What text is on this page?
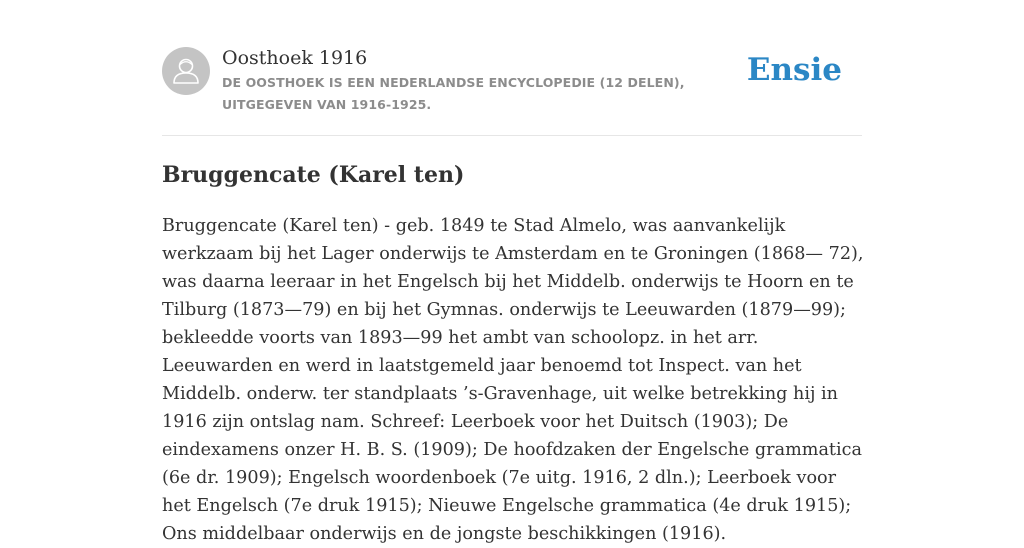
Oosthoek 1916
DE OOSTHOEK IS EEN NEDERLANDSE ENCYCLOPEDIE (12 DELEN), UITGEGEVEN VAN 1916-1925.
Ensie
Bruggencate (Karel ten)

Bruggencate (Karel ten) - geb. 1849 te Stad Almelo, was aanvankelijk werkzaam bij het Lager onderwijs te Amsterdam en te Groningen (1868— 72), was daarna leeraar in het Engelsch bij het Middelb. onderwijs te Hoorn en te Tilburg (1873—79) en bij het Gymnas. onderwijs te Leeuwarden (1879—99); bekleedde voorts van 1893—99 het ambt van schoolopz. in het arr. Leeuwarden en werd in laatstgemeld jaar benoemd tot Inspect. van het Middelb. onderw. ter standplaats ’s-Gravenhage, uit welke betrekking hij in 1916 zijn ontslag nam. Schreef: Leerboek voor het Duitsch (1903); De eindexamens onzer H. B. S. (1909); De hoofdzaken der Engelsche grammatica (6e dr. 1909); Engelsch woordenboek (7e uitg. 1916, 2 dln.); Leerboek voor het Engelsch (7e druk 1915); Nieuwe Engelsche grammatica (4e druk 1915); Ons middelbaar onderwijs en de jongste beschikkingen (1916).
